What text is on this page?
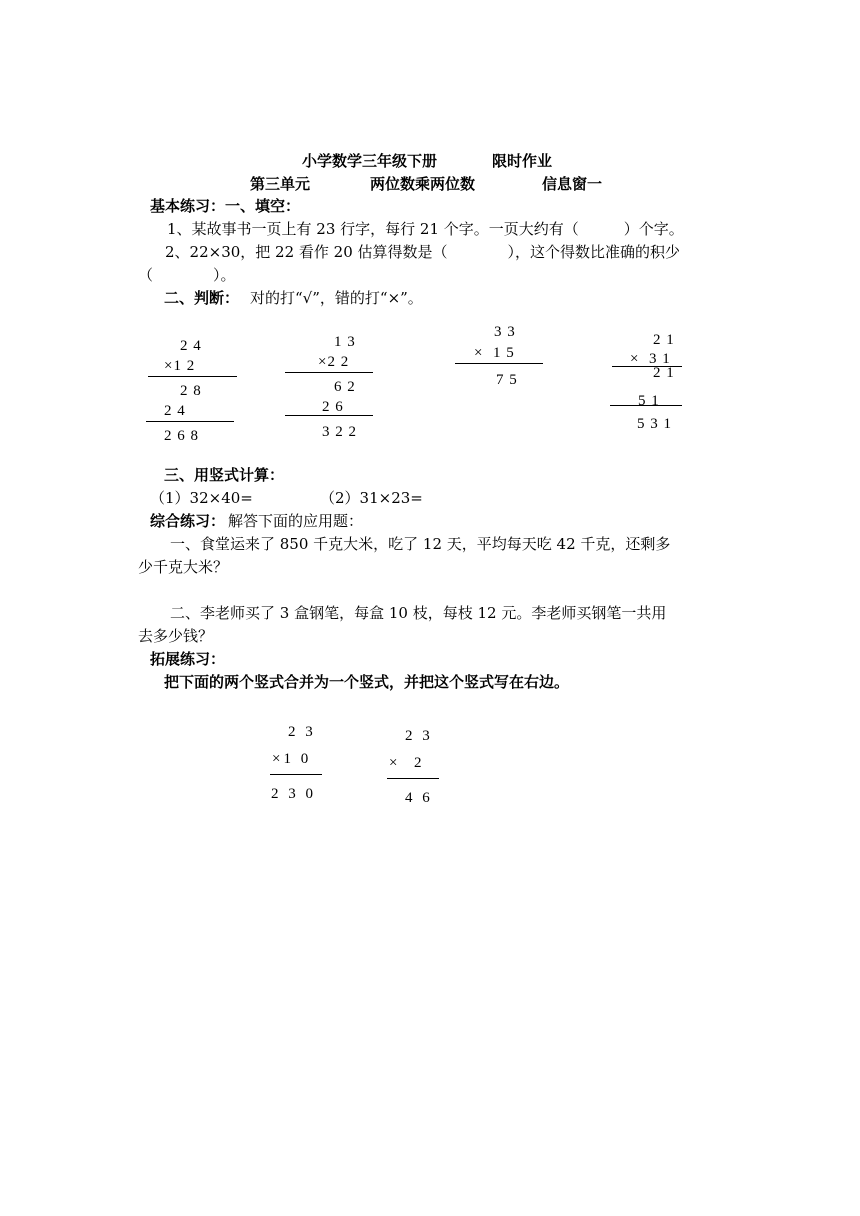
小学数学三年级下册	限时作业
第三单元	两位数乘两位数	信息窗一
基本练习：一、填空：
1、某故事书一页上有 23 行字，每行 21 个字。一页大约有（　　　）个字。
2、22×30，把 22 看作 20 估算得数是（　　　　），这个得数比准确的积少
（　　　　）。
二、判断： 对的打“√”，错的打“×”。
2 4
×1 2
2 8
2 4
2 6 8
1 3
×2 2
6 2
2 6
3 2 2
3 3
×  1 5
7 5
2 1
×  3 1
2 1
5 1
5 3 1
三、用竖式计算：
（1）32×40=	（2）31×23=
综合练习： 解答下面的应用题：
一、食堂运来了 850 千克大米，吃了 12 天，平均每天吃 42 千克，还剩多
少千克大米？
二、李老师买了 3 盒钢笔，每盒 10 枝，每枝 12 元。李老师买钢笔一共用
去多少钱？
拓展练习：
把下面的两个竖式合并为一个竖式，并把这个竖式写在右边。
2 3
×1 0
2 3 0
2 3
×  2
4 6
